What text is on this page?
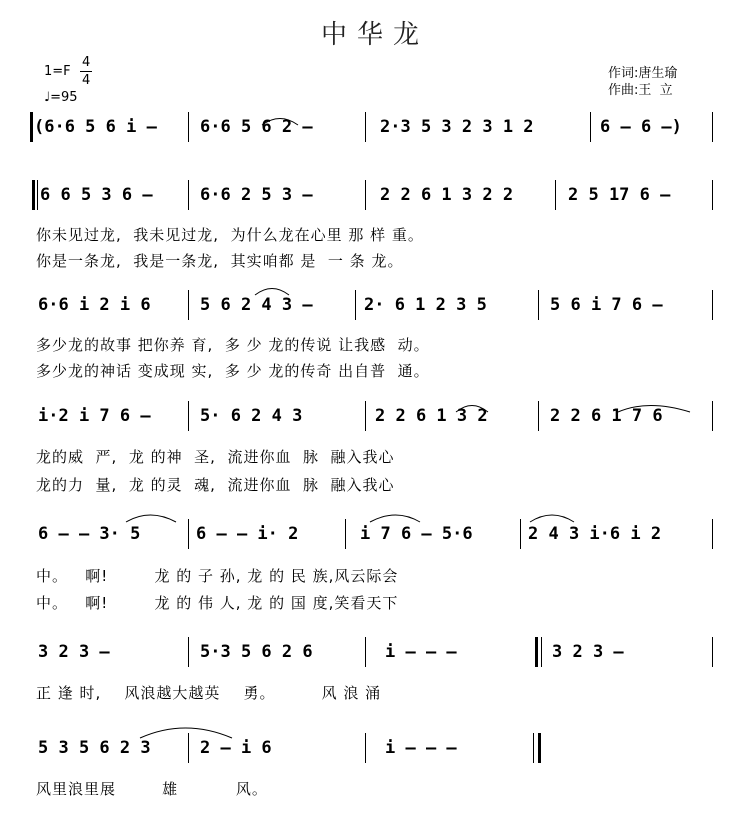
中华龙
1=F
4
4
♩=95
作词:唐生瑜
作曲:王  立
(6·6 5 6 i –	6·6 5 6 2 –	2·3 5 3 2 3 1 2	6 – 6 –)
6 6 5 3 6 –	6·6 2 5 3 –	2 2 6 1 3 2 2	2 5 17 6 –
你未见过龙,  我未见过龙,  为什么龙在心里 那 样 重。
你是一条龙,  我是一条龙,  其实咱都 是  一 条 龙。
6·6 i 2 i 6	5 6 2 4 3 –	2· 6 1 2 3 5	5 6 i 7 6 –
多少龙的故事 把你养 育,  多 少 龙的传说 让我感  动。
多少龙的神话 变成现 实,  多 少 龙的传奇 出自普  通。
i·2 i 7 6 –	5· 6 2 4 3	2 2 6 1 3 2	2 2 6 1 7 6
龙的威  严,  龙 的神  圣,  流进你血  脉  融入我心
龙的力  量,  龙 的灵  魂,  流进你血  脉  融入我心
6 – – 3· 5	6 – – i· 2	i 7 6 – 5·6	2 4 3 i·6 i 2
中。   啊!        龙 的 子 孙, 龙 的 民 族,风云际会
中。   啊!        龙 的 伟 人, 龙 的 国 度,笑看天下
3 2 3 –	5·3 5 6 2 6	i – – –	3 2 3 –
正 逢 时,    风浪越大越英    勇。        风 浪 涌
5 3 5 6 2 3	2 – i 6	i – – –
风里浪里展        雄          风。
